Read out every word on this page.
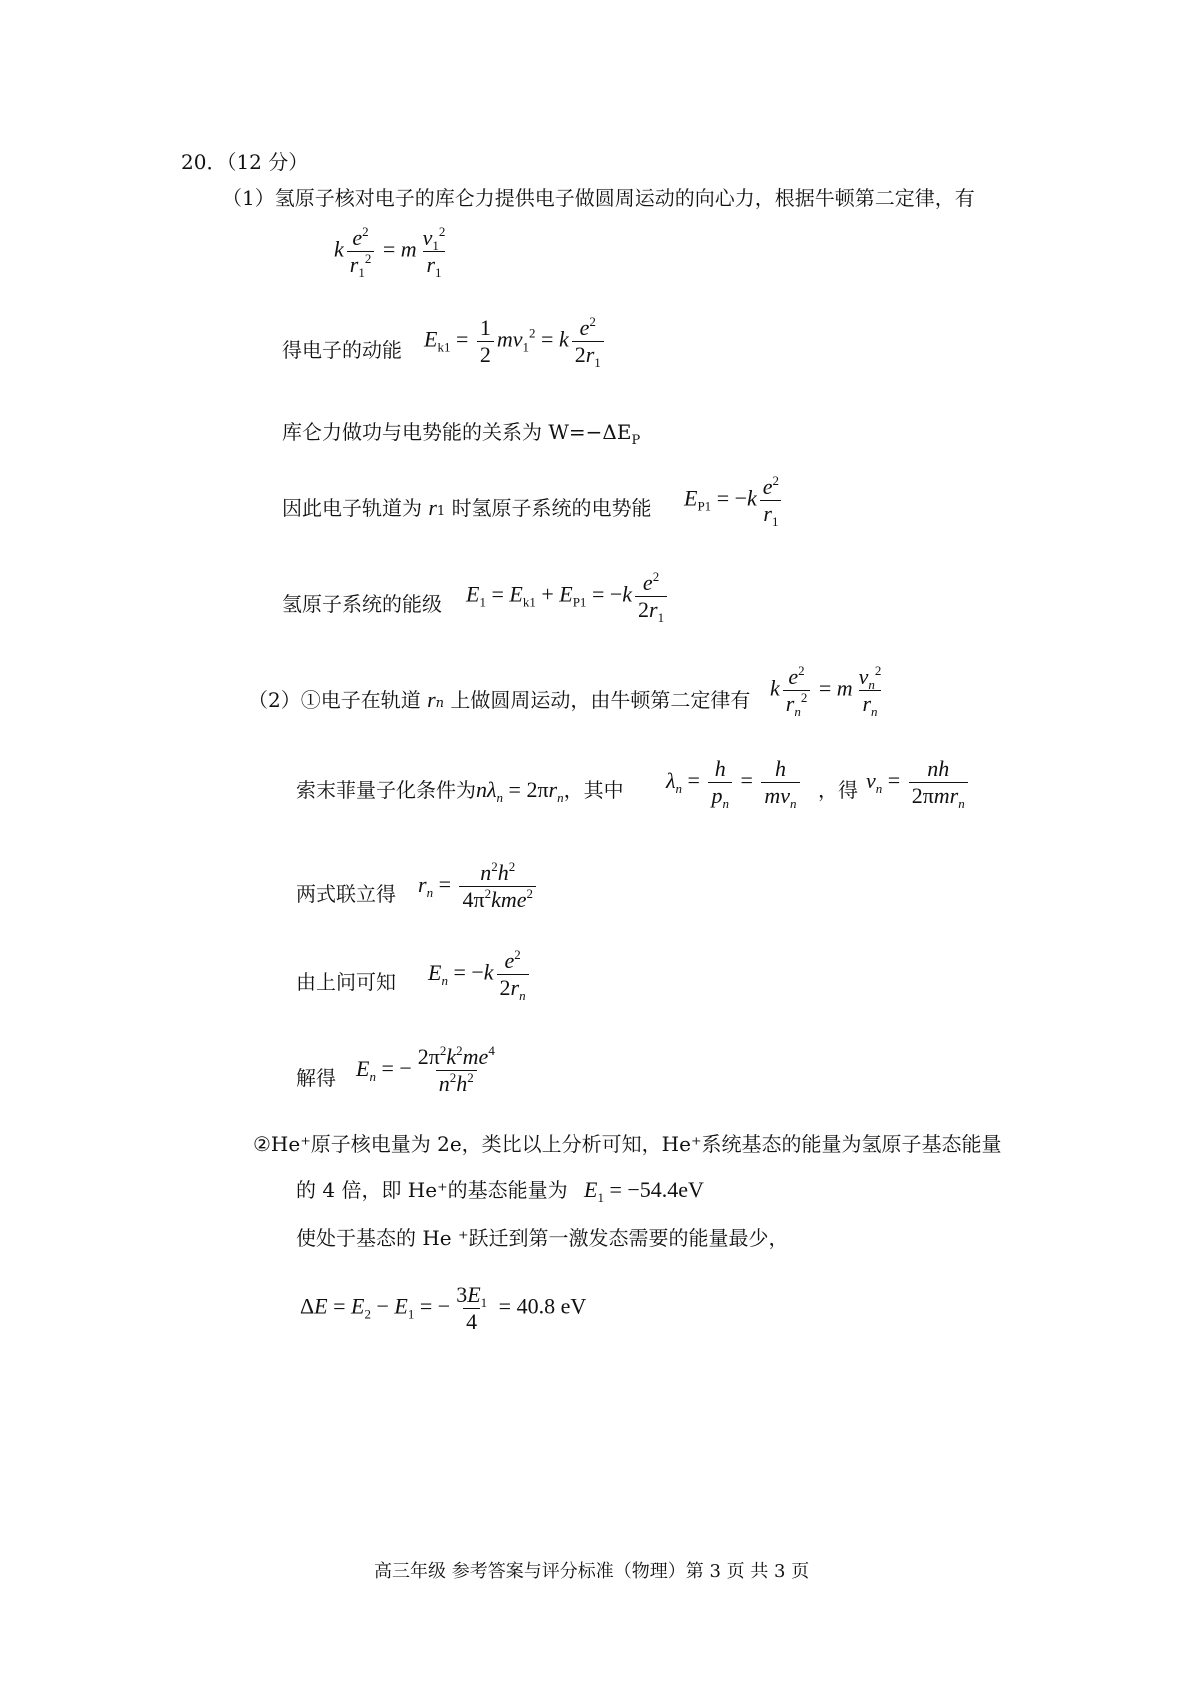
20．（12 分）
（1）氢原子核对电子的库仑力提供电子做圆周运动的向心力，根据牛顿第二定律，有
k $\frac{e^2}{r_1^2} = m \frac{v_1^2}{r_1}$
得电子的动能 $E_{k1} = \frac{1}{2} mv_1^2 = k \frac{e^2}{2r_1}$
库仑力做功与电势能的关系为 $W=-\Delta E_P$
因此电子轨道为 r1 时氢原子系统的电势能 $E_{P1} = -k \frac{e^2}{r_1}$
氢原子系统的能级 $E_1 = E_{k1} + E_{P1} = -k \frac{e^2}{2r_1}$
（2）①电子在轨道 rn 上做圆周运动，由牛顿第二定律有 k $\frac{e^2}{r_n^2} = m \frac{v_n^2}{r_n}$
索末菲量子化条件为$n\lambda_n = 2\pi r_n$，其中 $\lambda_n = \frac{h}{p_n} = \frac{h}{mv_n}$ ，得 $v_n = \frac{nh}{2\pi mr_n}$
两式联立得 $r_n = \frac{n^2h^2}{4\pi^2kme^2}$
由上问可知 $E_n = -k \frac{e^2}{2r_n}$
解得 $E_n$ = − $\frac{2\pi^2k^2me^4}{n^2h^2}$
②He⁺原子核电量为 2e，类比以上分析可知，He⁺系统基态的能量为氢原子基态能量
的 4 倍，即 He⁺的基态能量为 $E_1 = -54.4eV$
使处于基态的 He ⁺跃迁到第一激发态需要的能量最少，
$\Delta E = E_2 - E_1$ = − $\frac{3E_1}{4} = 40.8$ eV
高三年级 参考答案与评分标准（物理）第 3 页 共 3 页
